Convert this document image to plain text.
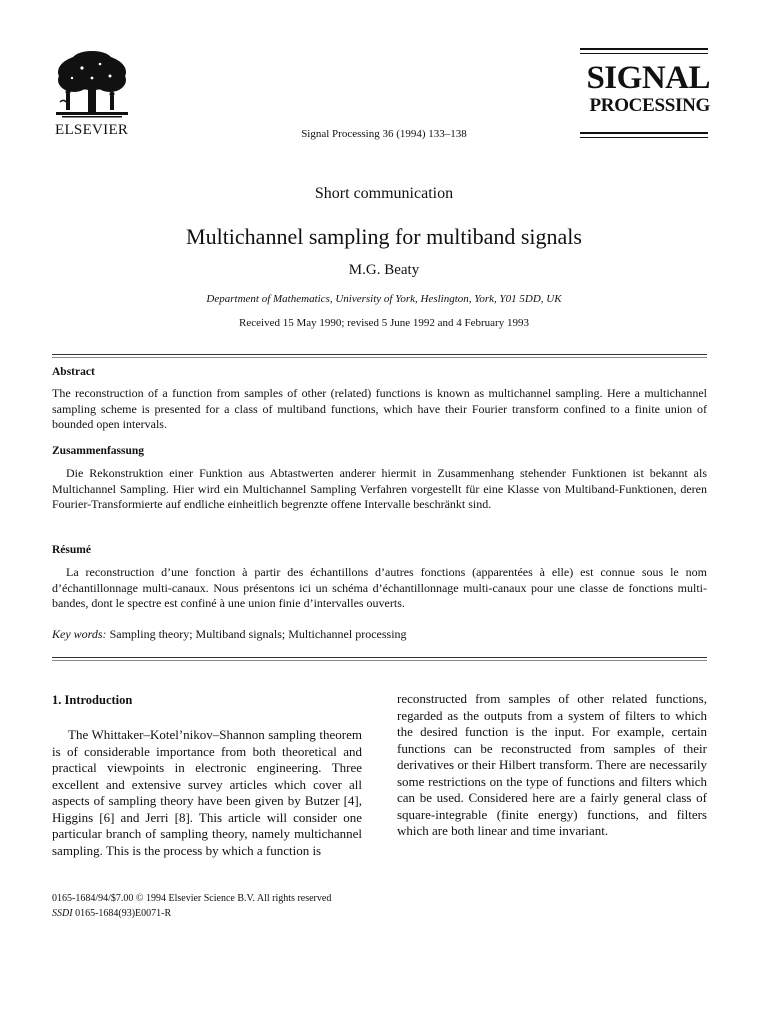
ELSEVIER	Signal Processing 36 (1994) 133–138
SIGNAL
PROCESSING
Short communication
Multichannel sampling for multiband signals
M.G. Beaty
Department of Mathematics, University of York, Heslington, York, Y01 5DD, UK
Received 15 May 1990; revised 5 June 1992 and 4 February 1993
Abstract
The reconstruction of a function from samples of other (related) functions is known as multichannel sampling. Here a multichannel sampling scheme is presented for a class of multiband functions, which have their Fourier transform confined to a finite union of bounded open intervals.
Zusammenfassung
Die Rekonstruktion einer Funktion aus Abtastwerten anderer hiermit in Zusammenhang stehender Funktionen ist bekannt als Multichannel Sampling. Hier wird ein Multichannel Sampling Verfahren vorgestellt für eine Klasse von Multiband-Funktionen, deren Fourier-Transformierte auf endliche einheitlich begrenzte offene Intervalle beschränkt sind.
Résumé
La reconstruction d’une fonction à partir des échantillons d’autres fonctions (apparentées à elle) est connue sous le nom d’échantillonnage multi-canaux. Nous présentons ici un schéma d’échantillonnage multi-canaux pour une classe de fonctions multi-bandes, dont le spectre est confiné à une union finie d’intervalles ouverts.
Key words: Sampling theory; Multiband signals; Multichannel processing
1. Introduction
The Whittaker–Kotel’nikov–Shannon sampling theorem is of considerable importance from both theoretical and practical viewpoints in electronic engineering. Three excellent and extensive survey articles which cover all aspects of sampling theory have been given by Butzer [4], Higgins [6] and Jerri [8]. This article will consider one particular branch of sampling theory, namely multichannel sampling. This is the process by which a function is
reconstructed from samples of other related functions, regarded as the outputs from a system of filters to which the desired function is the input. For example, certain functions can be reconstructed from samples of their derivatives or their Hilbert transform. There are necessarily some restrictions on the type of functions and filters which can be used. Considered here are a fairly general class of square-integrable (finite energy) functions, and filters which are both linear and time invariant.
0165-1684/94/$7.00 © 1994 Elsevier Science B.V. All rights reserved
SSDI 0165-1684(93)E0071-R
